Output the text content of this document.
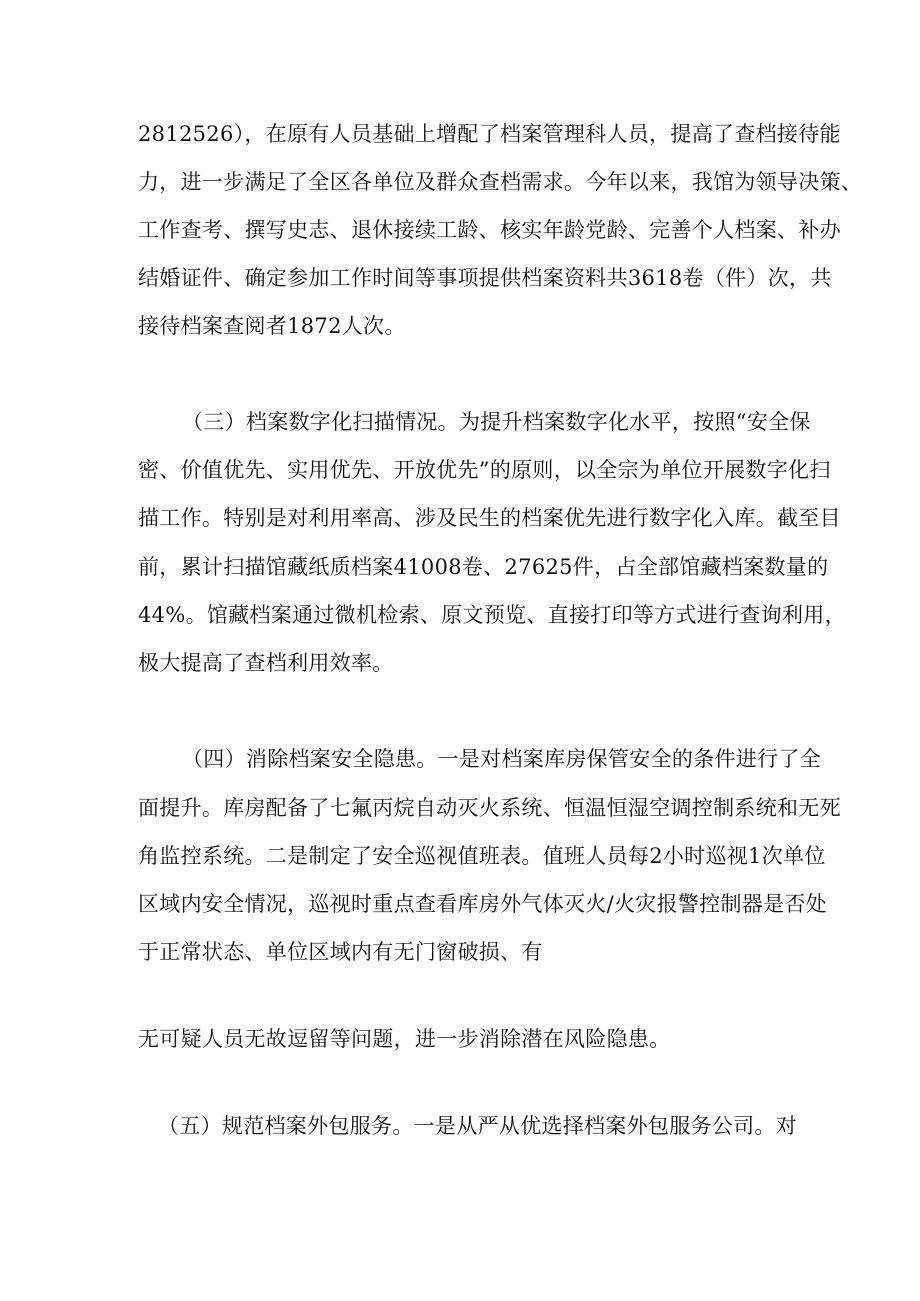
2812526），在原有人员基础上增配了档案管理科人员，提高了查档接待能
力，进一步满足了全区各单位及群众查档需求。今年以来，我馆为领导决策、
工作查考、撰写史志、退休接续工龄、核实年龄党龄、完善个人档案、补办
结婚证件、确定参加工作时间等事项提供档案资料共3618卷（件）次，共
接待档案查阅者1872人次。
（三）档案数字化扫描情况。为提升档案数字化水平，按照“安全保
密、价值优先、实用优先、开放优先”的原则，以全宗为单位开展数字化扫
描工作。特别是对利用率高、涉及民生的档案优先进行数字化入库。截至目
前，累计扫描馆藏纸质档案41008卷、27625件，占全部馆藏档案数量的
44%。馆藏档案通过微机检索、原文预览、直接打印等方式进行查询利用，
极大提高了查档利用效率。
（四）消除档案安全隐患。一是对档案库房保管安全的条件进行了全
面提升。库房配备了七氟丙烷自动灭火系统、恒温恒湿空调控制系统和无死
角监控系统。二是制定了安全巡视值班表。值班人员每2小时巡视1次单位
区域内安全情况，巡视时重点查看库房外气体灭火/火灾报警控制器是否处
于正常状态、单位区域内有无门窗破损、有
无可疑人员无故逗留等问题，进一步消除潜在风险隐患。
（五）规范档案外包服务。一是从严从优选择档案外包服务公司。对
